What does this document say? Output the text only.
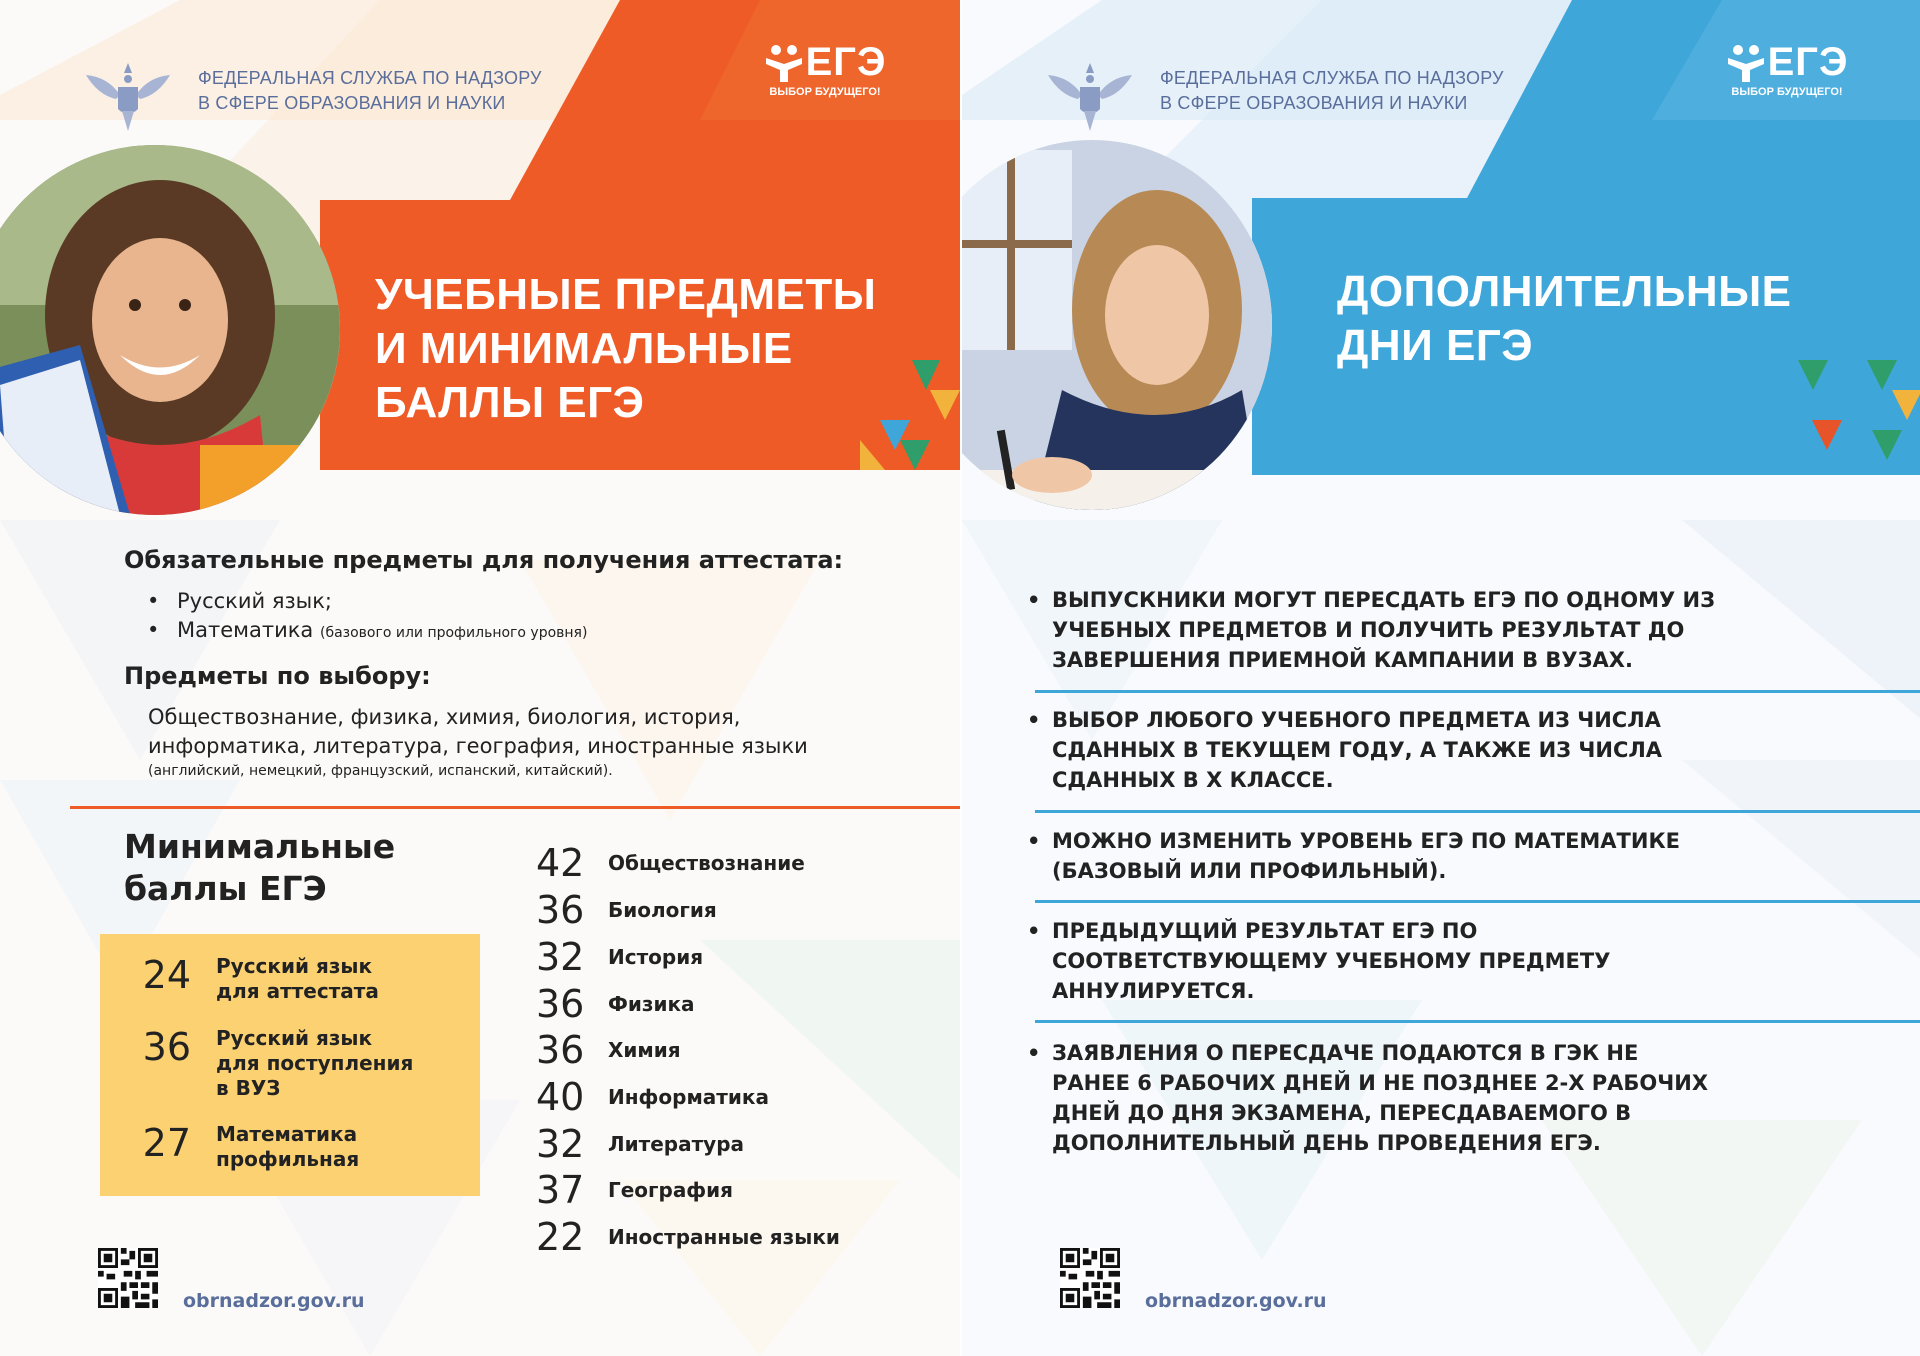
ФЕДЕРАЛЬНАЯ СЛУЖБА ПО НАДЗОРУ
В СФЕРЕ ОБРАЗОВАНИЯ И НАУКИ
ЕГЭ
ВЫБОР БУДУЩЕГО!
УЧЕБНЫЕ ПРЕДМЕТЫ
И МИНИМАЛЬНЫЕ
БАЛЛЫ ЕГЭ
Обязательные предметы для получения аттестата:
• Русский язык;
• Математика (базового или профильного уровня)
Предметы по выбору:
Обществознание, физика, химия, биология, история,
информатика, литература, география, иностранные языки
(английский, немецкий, французский, испанский, китайский).
Минимальные
баллы ЕГЭ
24	Русский язык
для аттестата
36	Русский язык
для поступления
в ВУЗ
27	Математика
профильная
42	Обществознание
36	Биология
32	История
36	Физика
36	Химия
40	Информатика
32	Литература
37	География
22	Иностранные языки
obrnadzor.gov.ru
ФЕДЕРАЛЬНАЯ СЛУЖБА ПО НАДЗОРУ
В СФЕРЕ ОБРАЗОВАНИЯ И НАУКИ
ЕГЭ
ВЫБОР БУДУЩЕГО!
ДОПОЛНИТЕЛЬНЫЕ
ДНИ ЕГЭ
• ВЫПУСКНИКИ МОГУТ ПЕРЕСДАТЬ ЕГЭ ПО ОДНОМУ ИЗ
УЧЕБНЫХ ПРЕДМЕТОВ И ПОЛУЧИТЬ РЕЗУЛЬТАТ ДО
ЗАВЕРШЕНИЯ ПРИЕМНОЙ КАМПАНИИ В ВУЗАХ.
• ВЫБОР ЛЮБОГО УЧЕБНОГО ПРЕДМЕТА ИЗ ЧИСЛА
СДАННЫХ В ТЕКУЩЕМ ГОДУ, А ТАКЖЕ ИЗ ЧИСЛА
СДАННЫХ В Х КЛАССЕ.
• МОЖНО ИЗМЕНИТЬ УРОВЕНЬ ЕГЭ ПО МАТЕМАТИКЕ
(БАЗОВЫЙ ИЛИ ПРОФИЛЬНЫЙ).
• ПРЕДЫДУЩИЙ РЕЗУЛЬТАТ ЕГЭ ПО
СООТВЕТСТВУЮЩЕМУ УЧЕБНОМУ ПРЕДМЕТУ
АННУЛИРУЕТСЯ.
• ЗАЯВЛЕНИЯ О ПЕРЕСДАЧЕ ПОДАЮТСЯ В ГЭК НЕ
РАНЕЕ 6 РАБОЧИХ ДНЕЙ И НЕ ПОЗДНЕЕ 2-Х РАБОЧИХ
ДНЕЙ ДО ДНЯ ЭКЗАМЕНА, ПЕРЕСДАВАЕМОГО В
ДОПОЛНИТЕЛЬНЫЙ ДЕНЬ ПРОВЕДЕНИЯ ЕГЭ.
obrnadzor.gov.ru
